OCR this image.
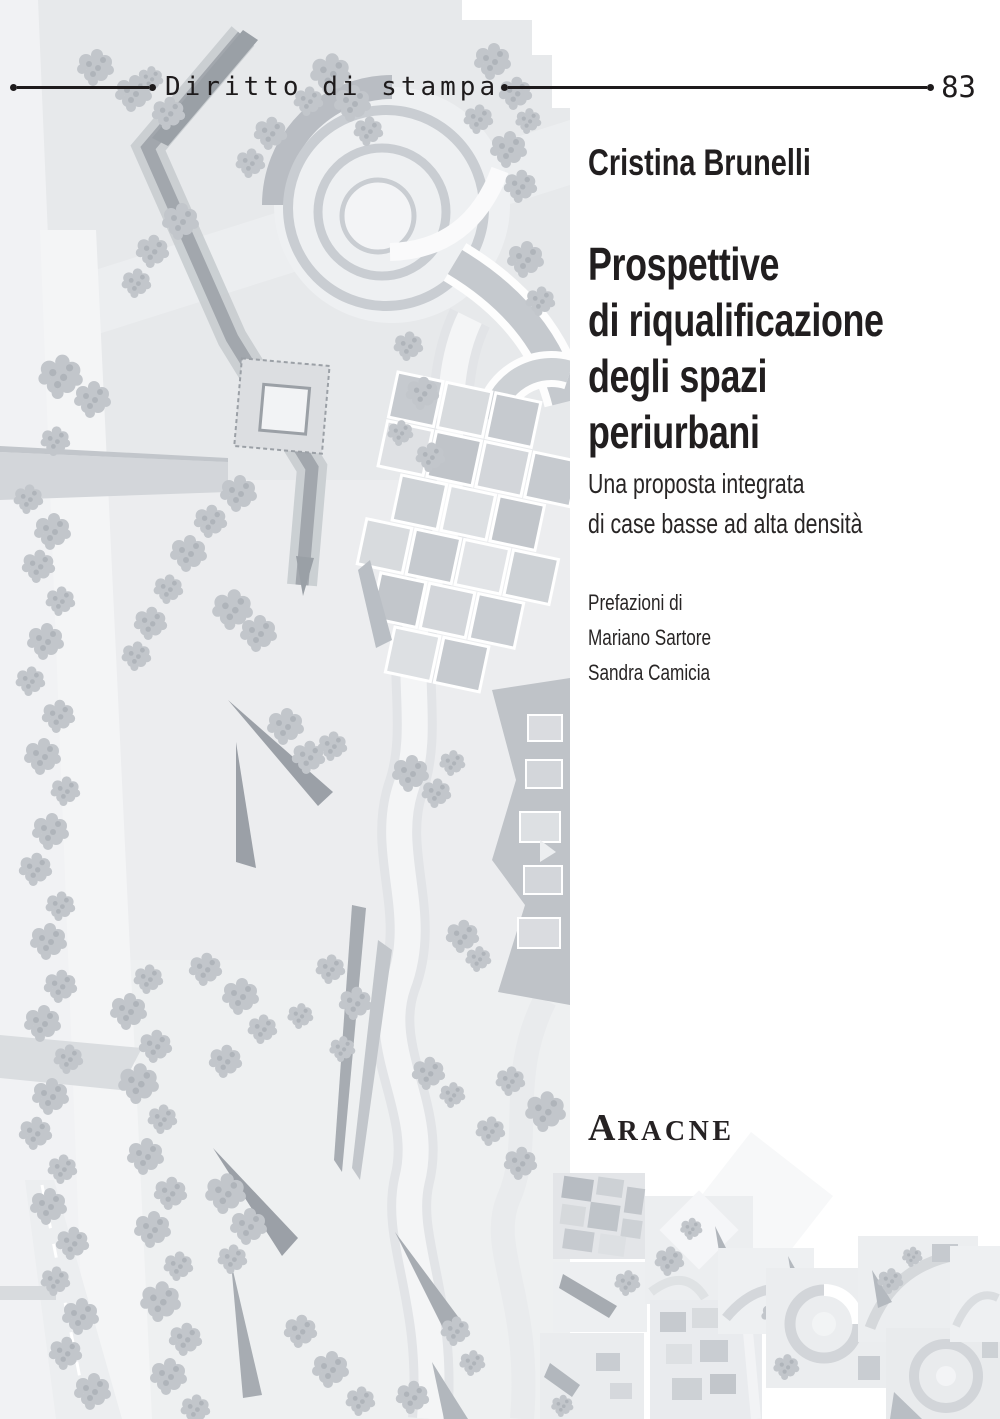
Diritto di stampa	83
Cristina Brunelli
Prospettive
di riqualificazione
degli spazi
periurbani
Una proposta integrata
di case basse ad alta densità
Prefazioni di
Mariano Sartore
Sandra Camicia
ARACNE
